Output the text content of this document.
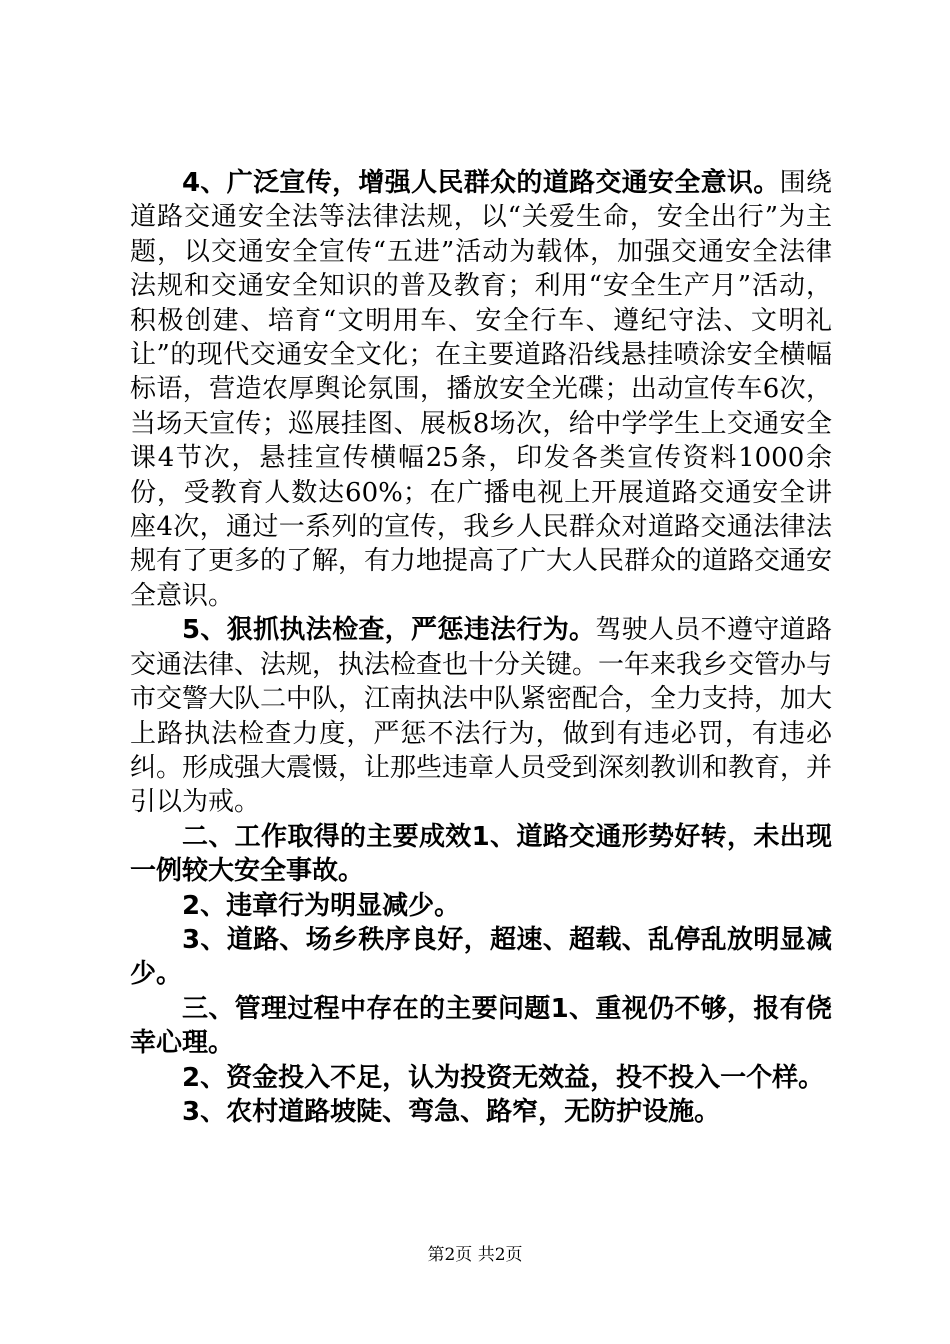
4、广泛宣传，增强人民群众的道路交通安全意识。围绕道路交通安全法等法律法规，以“关爱生命，安全出行”为主题，以交通安全宣传“五进”活动为载体，加强交通安全法律法规和交通安全知识的普及教育；利用“安全生产月”活动，积极创建、培育“文明用车、安全行车、遵纪守法、文明礼让”的现代交通安全文化；在主要道路沿线悬挂喷涂安全横幅标语，营造农厚舆论氛围，播放安全光碟；出动宣传车6次，当场天宣传；巡展挂图、展板8场次，给中学学生上交通安全课4节次，悬挂宣传横幅25条，印发各类宣传资料1000余份，受教育人数达60%；在广播电视上开展道路交通安全讲座4次，通过一系列的宣传，我乡人民群众对道路交通法律法规有了更多的了解，有力地提高了广大人民群众的道路交通安全意识。

5、狠抓执法检查，严惩违法行为。驾驶人员不遵守道路交通法律、法规，执法检查也十分关键。一年来我乡交管办与市交警大队二中队，江南执法中队紧密配合，全力支持，加大上路执法检查力度，严惩不法行为，做到有违必罚，有违必纠。形成强大震慑，让那些违章人员受到深刻教训和教育，并引以为戒。

二、工作取得的主要成效1、道路交通形势好转，未出现一例较大安全事故。

2、违章行为明显减少。

3、道路、场乡秩序良好，超速、超载、乱停乱放明显减少。

三、管理过程中存在的主要问题1、重视仍不够，报有侥幸心理。

2、资金投入不足，认为投资无效益，投不投入一个样。

3、农村道路坡陡、弯急、路窄，无防护设施。

第2页 共2页
